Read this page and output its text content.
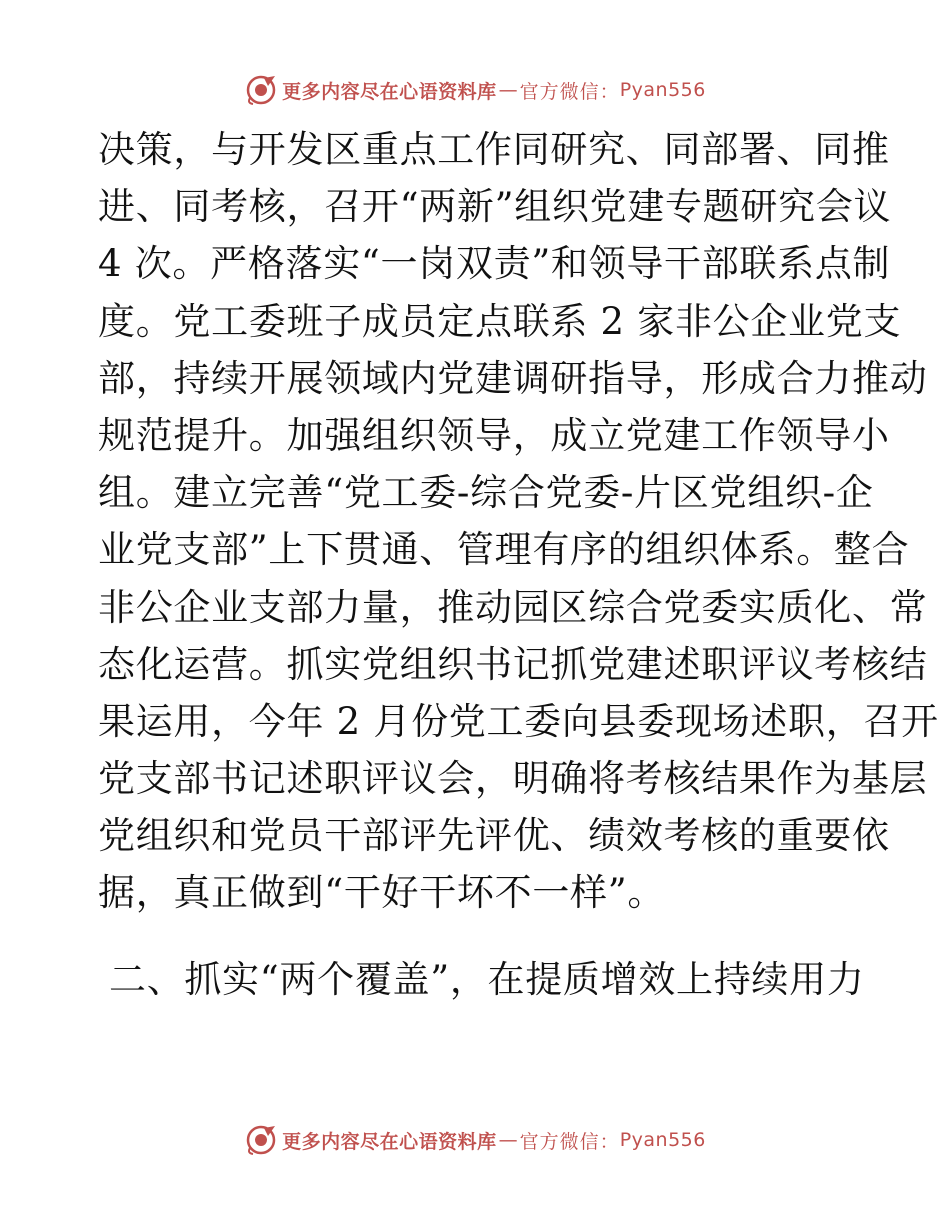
更多内容尽在心语资料库 — 官方微信： Pyan556
决策，与开发区重点工作同研究、同部署、同推
进、同考核，召开“两新”组织党建专题研究会议
4 次。严格落实“一岗双责”和领导干部联系点制
度。党工委班子成员定点联系 2 家非公企业党支
部，持续开展领域内党建调研指导，形成合力推动
规范提升。加强组织领导，成立党建工作领导小
组。建立完善“党工委-综合党委-片区党组织-企
业党支部”上下贯通、管理有序的组织体系。整合
非公企业支部力量，推动园区综合党委实质化、常
态化运营。抓实党组织书记抓党建述职评议考核结
果运用，今年 2 月份党工委向县委现场述职，召开
党支部书记述职评议会，明确将考核结果作为基层
党组织和党员干部评先评优、绩效考核的重要依
据，真正做到“干好干坏不一样”。
二、抓实“两个覆盖”，在提质增效上持续用力
更多内容尽在心语资料库 — 官方微信： Pyan556
